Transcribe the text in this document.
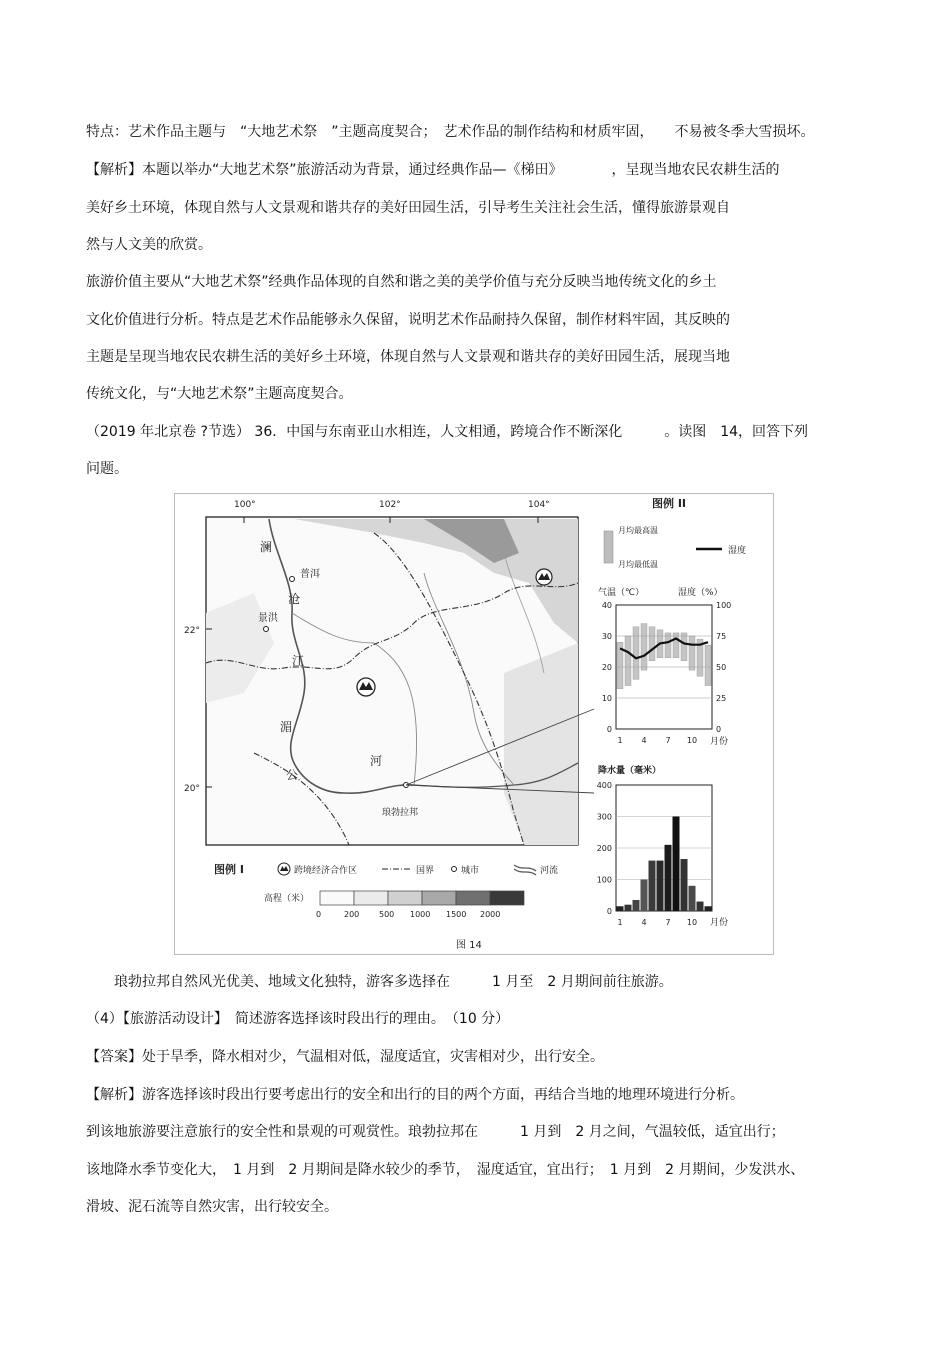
特点：艺术作品主题与　“大地艺术祭　”主题高度契合；　艺术作品的制作结构和材质牢固，　　不易被冬季大雪损坏。
【解析】本题以举办“大地艺术祭”旅游活动为背景，通过经典作品—《梯田》　　　　，呈现当地农民农耕生活的
美好乡土环境，体现自然与人文景观和谐共存的美好田园生活，引导考生关注社会生活，懂得旅游景观自
然与人文美的欣赏。
旅游价值主要从“大地艺术祭”经典作品体现的自然和谐之美的美学价值与充分反映当地传统文化的乡土
文化价值进行分析。特点是艺术作品能够永久保留，说明艺术作品耐持久保留，制作材料牢固，其反映的
主题是呈现当地农民农耕生活的美好乡土环境，体现自然与人文景观和谐共存的美好田园生活，展现当地
传统文化，与“大地艺术祭”主题高度契合。
（2019 年北京卷 ?节选） 36．中国与东南亚山水相连，人文相通，跨境合作不断深化　　　。读图　14，回答下列
问题。
100°	102°	104°
22°
20°
澜
沧
江
湄
公
河
普洱
景洪
琅勃拉邦
图例 I	跨境经济合作区	国界	城市	河流
高程（米）
0	200 500 1000 1500 2000
图例 II
月均最高温
月均最低温
湿度
气温（℃）	湿度（%）
0
10
20
30
40
0
25
50
75
100
1 4 7 10 月份
降水量（毫米）
0
100
200
300
400
1 4 7 10 月份
图 14
　　琅勃拉邦自然风光优美、地域文化独特，游客多选择在　　　1 月至　2 月期间前往旅游。
（4）【旅游活动设计】　简述游客选择该时段出行的理由。　（10 分）
【答案】处于旱季，降水相对少，气温相对低，湿度适宜，灾害相对少，出行安全。
【解析】游客选择该时段出行要考虑出行的安全和出行的目的两个方面，再结合当地的地理环境进行分析。
到该地旅游要注意旅行的安全性和景观的可观赏性。琅勃拉邦在　　　1 月到　2 月之间，气温较低，适宜出行；
该地降水季节变化大，　1 月到　2 月期间是降水较少的季节，　湿度适宜，宜出行；　1 月到　2 月期间，少发洪水、
滑坡、泥石流等自然灾害，出行较安全。
